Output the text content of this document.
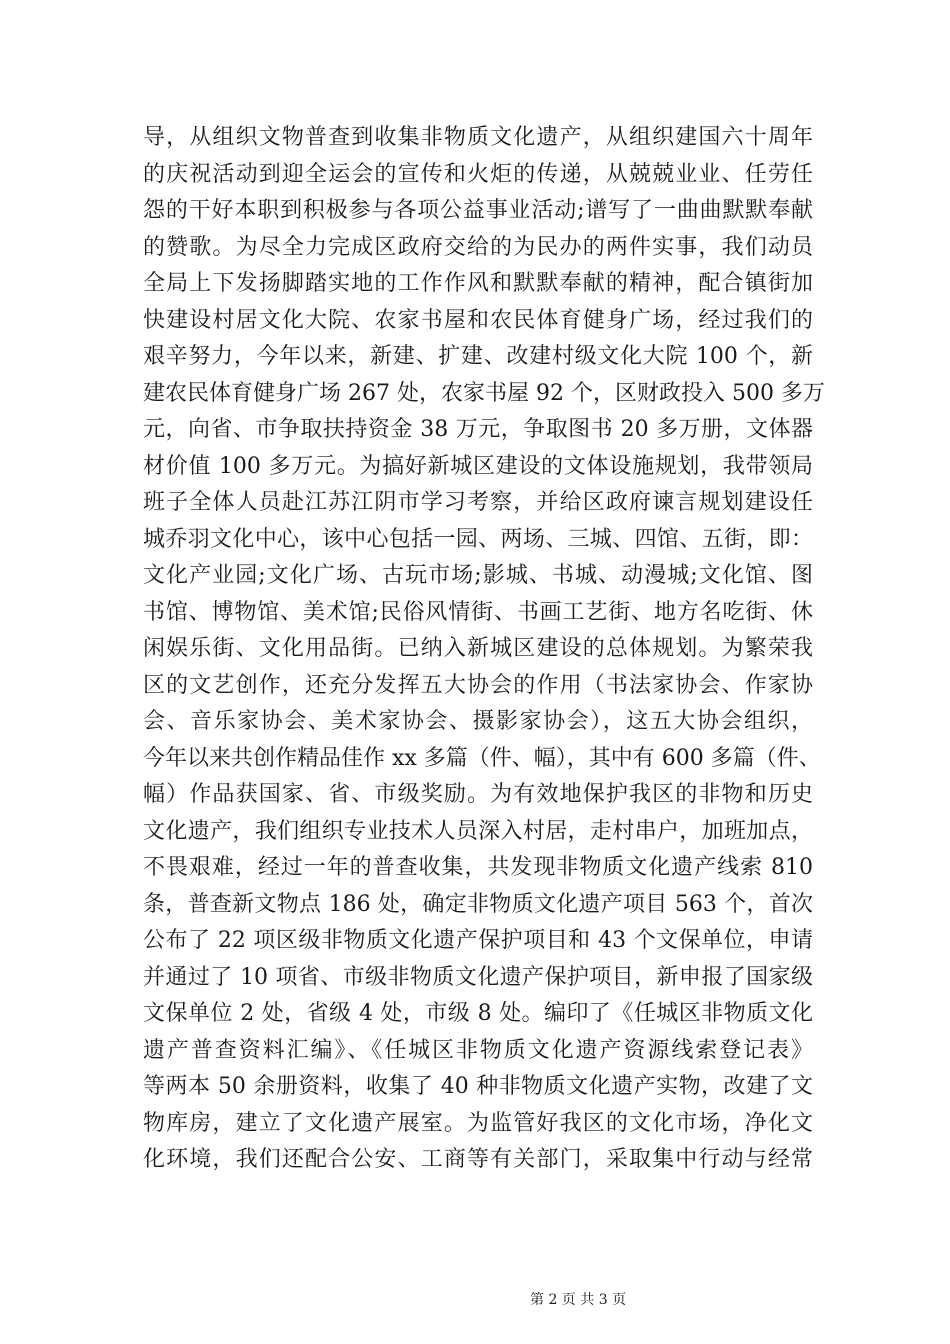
导，从组织文物普查到收集非物质文化遗产，从组织建国六十周年
的庆祝活动到迎全运会的宣传和火炬的传递，从兢兢业业、任劳任
怨的干好本职到积极参与各项公益事业活动;谱写了一曲曲默默奉献
的赞歌。为尽全力完成区政府交给的为民办的两件实事，我们动员
全局上下发扬脚踏实地的工作作风和默默奉献的精神，配合镇街加
快建设村居文化大院、农家书屋和农民体育健身广场，经过我们的
艰辛努力，今年以来，新建、扩建、改建村级文化大院 100 个，新
建农民体育健身广场 267 处，农家书屋 92 个，区财政投入 500 多万
元，向省、市争取扶持资金 38 万元，争取图书 20 多万册，文体器
材价值 100 多万元。为搞好新城区建设的文体设施规划，我带领局
班子全体人员赴江苏江阴市学习考察，并给区政府谏言规划建设任
城乔羽文化中心，该中心包括一园、两场、三城、四馆、五街，即：
文化产业园;文化广场、古玩市场;影城、书城、动漫城;文化馆、图
书馆、博物馆、美术馆;民俗风情街、书画工艺街、地方名吃街、休
闲娱乐街、文化用品街。已纳入新城区建设的总体规划。为繁荣我
区的文艺创作，还充分发挥五大协会的作用（书法家协会、作家协
会、音乐家协会、美术家协会、摄影家协会），这五大协会组织，
今年以来共创作精品佳作 xx 多篇（件、幅），其中有 600 多篇（件、
幅）作品获国家、省、市级奖励。为有效地保护我区的非物和历史
文化遗产，我们组织专业技术人员深入村居，走村串户，加班加点，
不畏艰难，经过一年的普查收集，共发现非物质文化遗产线索 810
条，普查新文物点 186 处，确定非物质文化遗产项目 563 个，首次
公布了 22 项区级非物质文化遗产保护项目和 43 个文保单位，申请
并通过了 10 项省、市级非物质文化遗产保护项目，新申报了国家级
文保单位 2 处，省级 4 处，市级 8 处。编印了《任城区非物质文化
遗产普查资料汇编》、《任城区非物质文化遗产资源线索登记表》
等两本 50 余册资料，收集了 40 种非物质文化遗产实物，改建了文
物库房，建立了文化遗产展室。为监管好我区的文化市场，净化文
化环境，我们还配合公安、工商等有关部门，采取集中行动与经常
第 2 页 共 3 页
